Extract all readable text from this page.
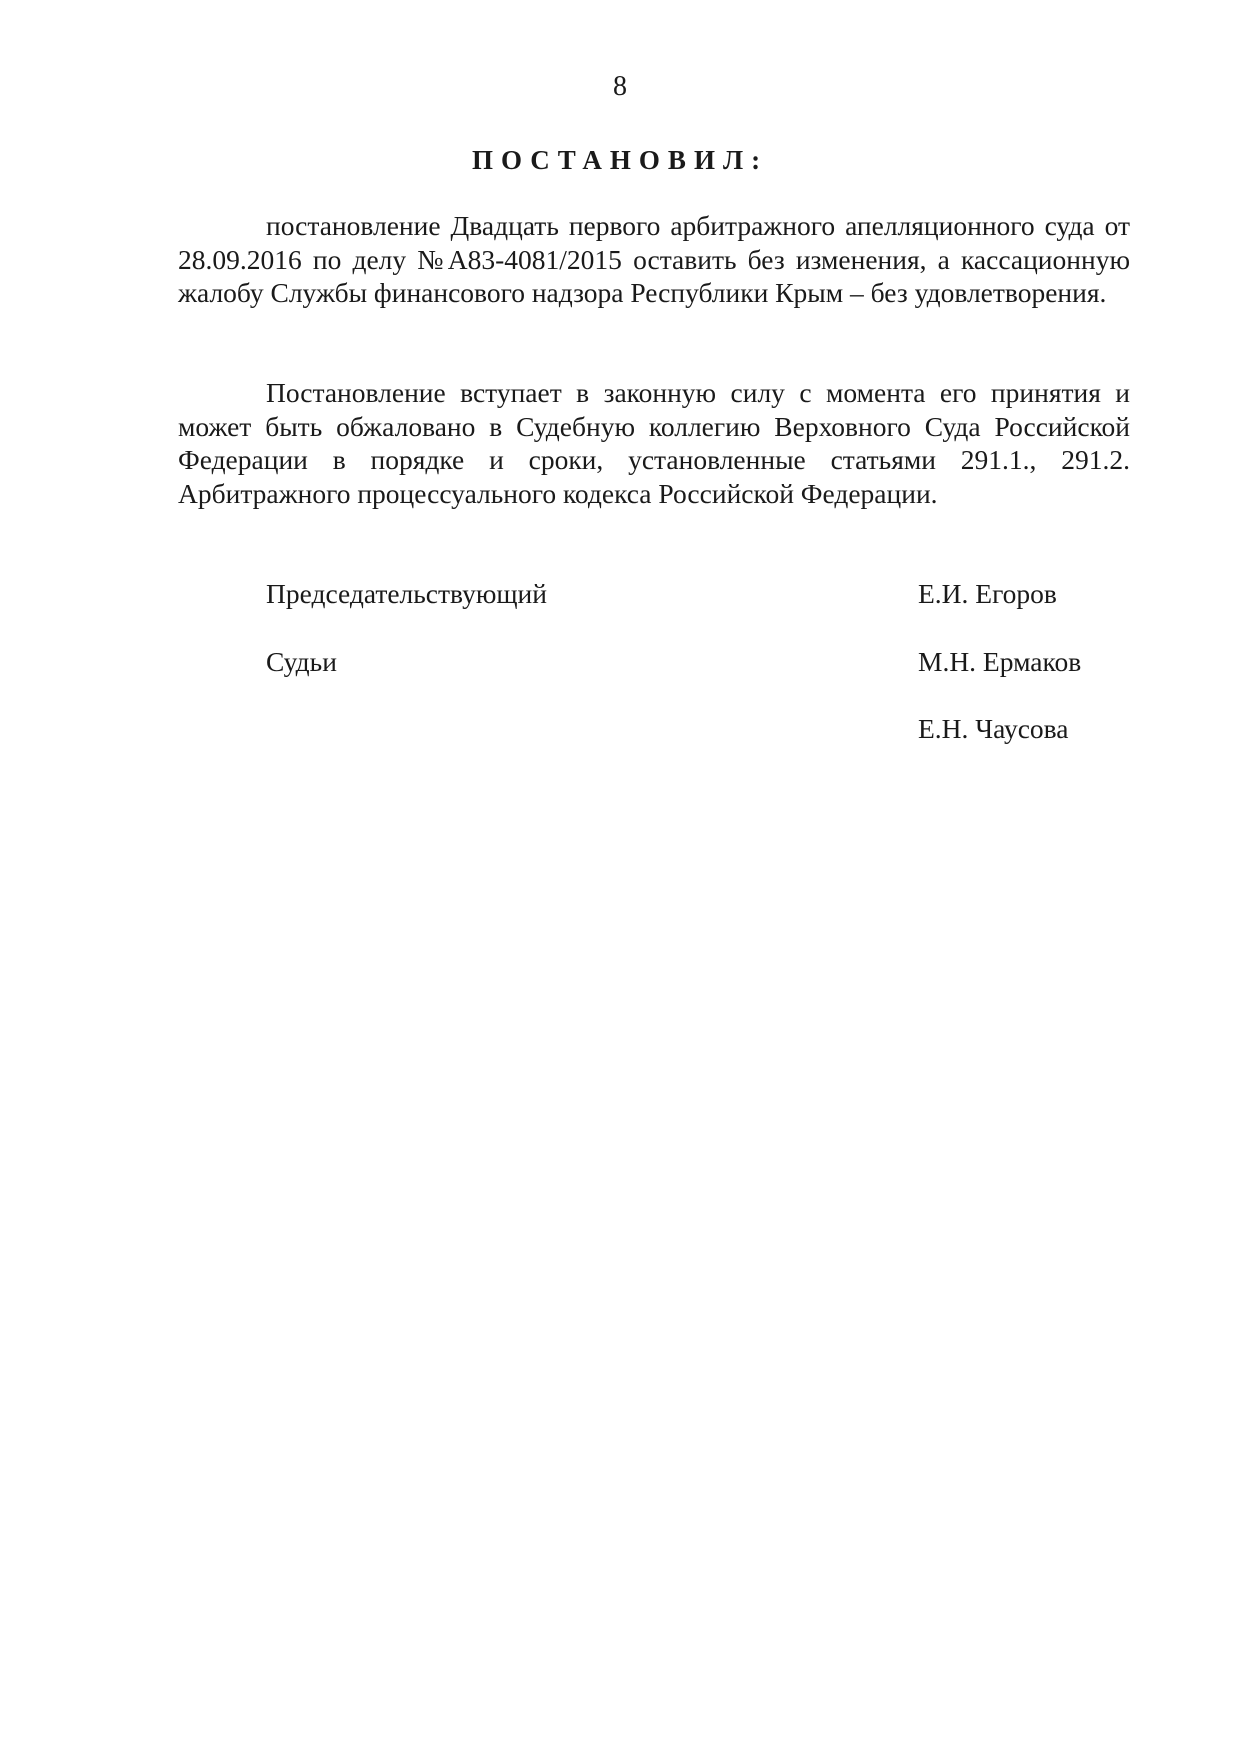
8
ПОСТАНОВИЛ:

постановление Двадцать первого арбитражного апелляционного суда от 28.09.2016 по делу №А83-4081/2015 оставить без изменения, а кассационную жалобу Службы финансового надзора Республики Крым – без удовлетворения.

Постановление вступает в законную силу с момента его принятия и может быть обжаловано в Судебную коллегию Верховного Суда Российской Федерации в порядке и сроки, установленные статьями 291.1., 291.2. Арбитражного процессуального кодекса Российской Федерации.

Председательствующий	Е.И. Егоров
Судьи	М.Н. Ермаков
Е.Н. Чаусова
